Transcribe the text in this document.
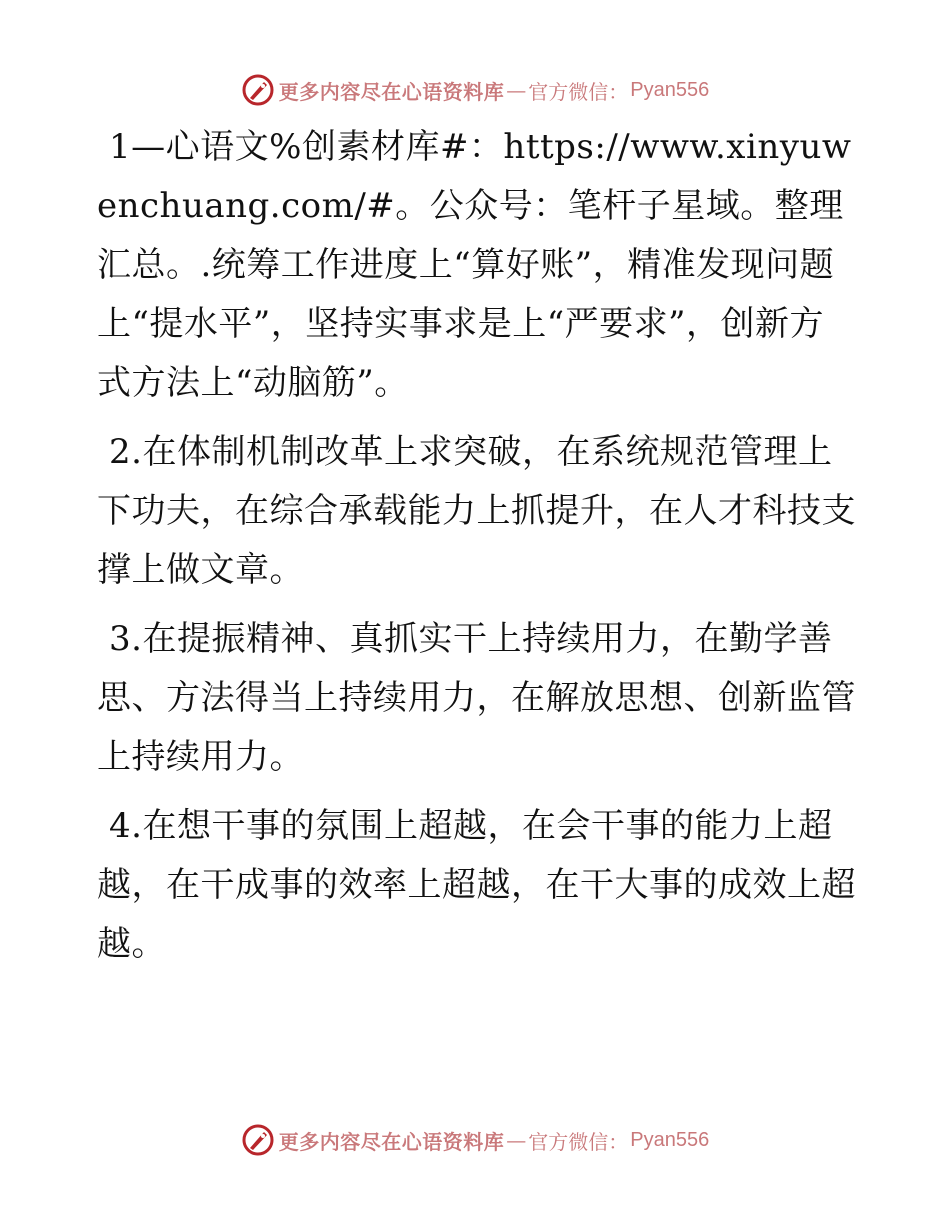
更多内容尽在心语资料库 — 官方微信： Pyan556

1—心语文%创素材库#：https://www.xinyuwenchuang.com/#。公众号：笔杆子星域。整理汇总。.统筹工作进度上“算好账”，精准发现问题上“提水平”，坚持实事求是上“严要求”，创新方式方法上“动脑筋”。

2.在体制机制改革上求突破，在系统规范管理上下功夫，在综合承载能力上抓提升，在人才科技支撑上做文章。

3.在提振精神、真抓实干上持续用力，在勤学善思、方法得当上持续用力，在解放思想、创新监管上持续用力。

4.在想干事的氛围上超越，在会干事的能力上超越，在干成事的效率上超越，在干大事的成效上超越。

更多内容尽在心语资料库 — 官方微信： Pyan556
